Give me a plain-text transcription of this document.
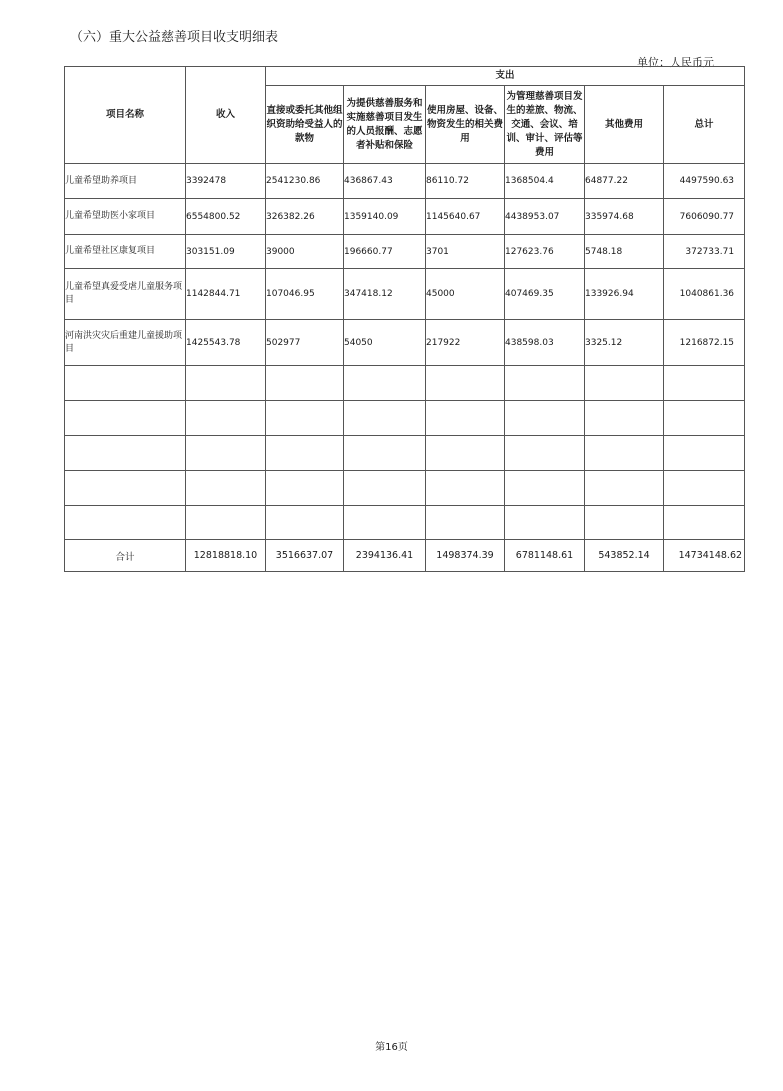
（六）重大公益慈善项目收支明细表
单位：人民币元
项目名称	收入	支出					
		直接或委托其他组织资助给受益人的款物	为提供慈善服务和实施慈善项目发生的人员报酬、志愿者补贴和保险	使用房屋、设备、物资发生的相关费用	为管理慈善项目发生的差旅、物流、交通、会议、培训、审计、评估等费用	其他费用	总计
儿童希望助养项目	3392478	2541230.86	436867.43	86110.72	1368504.4	64877.22	4497590.63
儿童希望助医小家项目	6554800.52	326382.26	1359140.09	1145640.67	4438953.07	335974.68	7606090.77
儿童希望社区康复项目	303151.09	39000	196660.77	3701	127623.76	5748.18	372733.71
儿童希望真爱受虐儿童服务项目	1142844.71	107046.95	347418.12	45000	407469.35	133926.94	1040861.36
河南洪灾灾后重建儿童援助项目	1425543.78	502977	54050	217922	438598.03	3325.12	1216872.15

合计	12818818.10	3516637.07	2394136.41	1498374.39	6781148.61	543852.14	14734148.62
第16页
